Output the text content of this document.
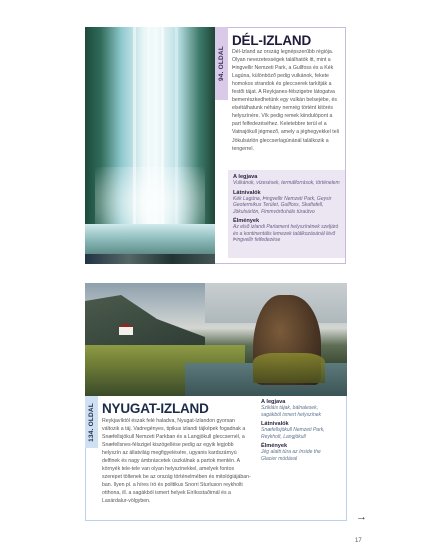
94. OLDAL
DÉL-IZLAND

Dél-Izland az ország legnépszerűbb régiója. Olyan nevezetességek találhatók itt, mint a Þingvellir Nemzeti Park, a Gullfoss és a Kék Lagúna, különböző pedig vulkánok, fekete homokos strandok és gleccserek tarkítják a festői tájat. A Reykjanes-félszigetre látogatva bemerészkedhetünk egy vulkán belsejébe, és elsétálhatunk néhány nemrég történt kitörés helyszínére. Vík pedig remek kiindulópont a part felfedezéséhez. Keletebbre terül el a Vatnajökull jégmező, amely a jéghegyekkel teli Jökulsárlón gleccserlagúnánál találkozik a tengerrel.

A legjava
Vulkánok, vízesések, termálforrások, történelem
Látnivalók
Kék Lagúna, Þingvellir Nemzeti Park, Geysir Geotermikus Terület, Gullfoss, Skaftafell, Jökulsárlón, Fimmvörðuháls túraútvo
Élmények
Az első izlandi Parlament helyszínének szeljáró és a kontinentális lemezek találkozásánál lévő Þingvellir felfedezése
134. OLDAL NYUGAT-IZLAND

Reykjavíktól észak felé haladva, Nyugat-Izlandon gyorsan változik a táj. Vadregényes, tipikus izlandi tájképek fogadnak a Snæfellsjökull Nemzeti Parkban és a Langjökull gleccsernél, a Snæfellsnes-félszigel kiszögellése pedig az egyik legjobb helyszín az állatvilág megfigyelésére, ugyanis kardszárnyú delfinek és nagy ámbráscetek úszkálnak a partok mentén. A környék tele-tele van olyan helyszínekkel, amelyek fontos szerepet töltenek be az ország történelmében és mitológiájábanban. Ilyen pl. a híres író és politikus Snorri Sturluson reykholti otthona, ill. a sagákból ismert helyek Eiríksstaðirnál és a Laxárdalur-völgyben.

A legjava
Szikláis tájak, bálnalesek, sagákból ismert helyszínek
Látnivalók
Snæfellsjökull Nemzeti Park, Reykholt, Langjökull
Élmények
Jég alatti túra az Inside the Glacier módával
→
17
